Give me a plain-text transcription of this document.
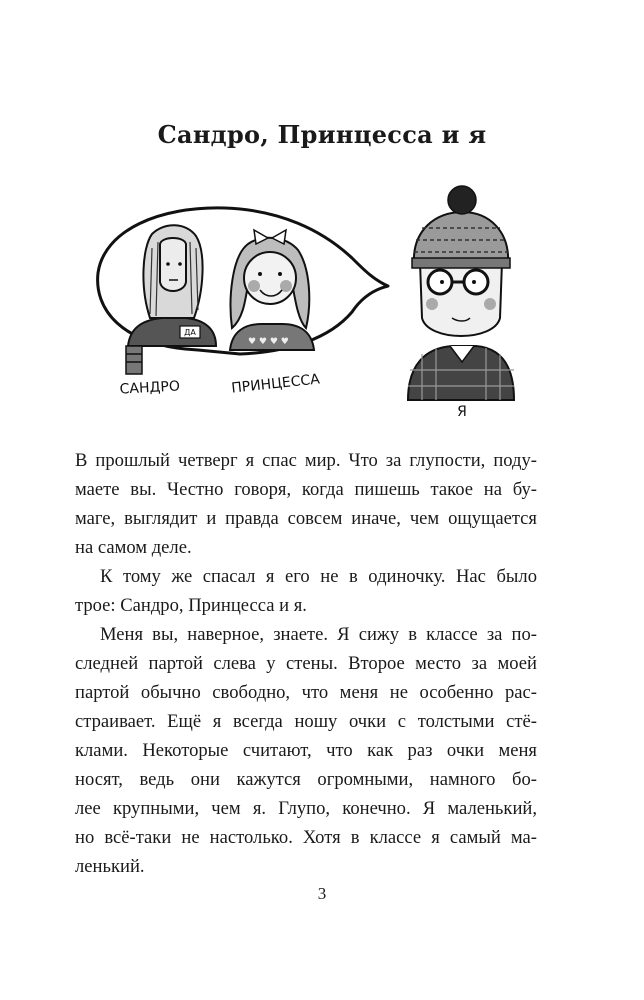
Сандро, Принцесса и я
ДА
♥ ♥ ♥ ♥
САНДРО	ПРИНЦЕССА
Я

В прошлый четверг я спас мир. Что за глупости, поду-

маете вы. Честно говоря, когда пишешь такое на бу-

маге, выглядит и правда совсем иначе, чем ощущается

на самом деле.

К тому же спасал я его не в одиночку. Нас было

трое: Сандро, Принцесса и я.

Меня вы, наверное, знаете. Я сижу в классе за по-

следней партой слева у стены. Второе место за моей

партой обычно свободно, что меня не особенно рас-

страивает. Ещё я всегда ношу очки с толстыми стё-

клами. Некоторые считают, что как раз очки меня

носят, ведь они кажутся огромными, намного бо-

лее крупными, чем я. Глупо, конечно. Я маленький,

но всё-таки не настолько. Хотя в классе я самый ма-

ленький.

3
